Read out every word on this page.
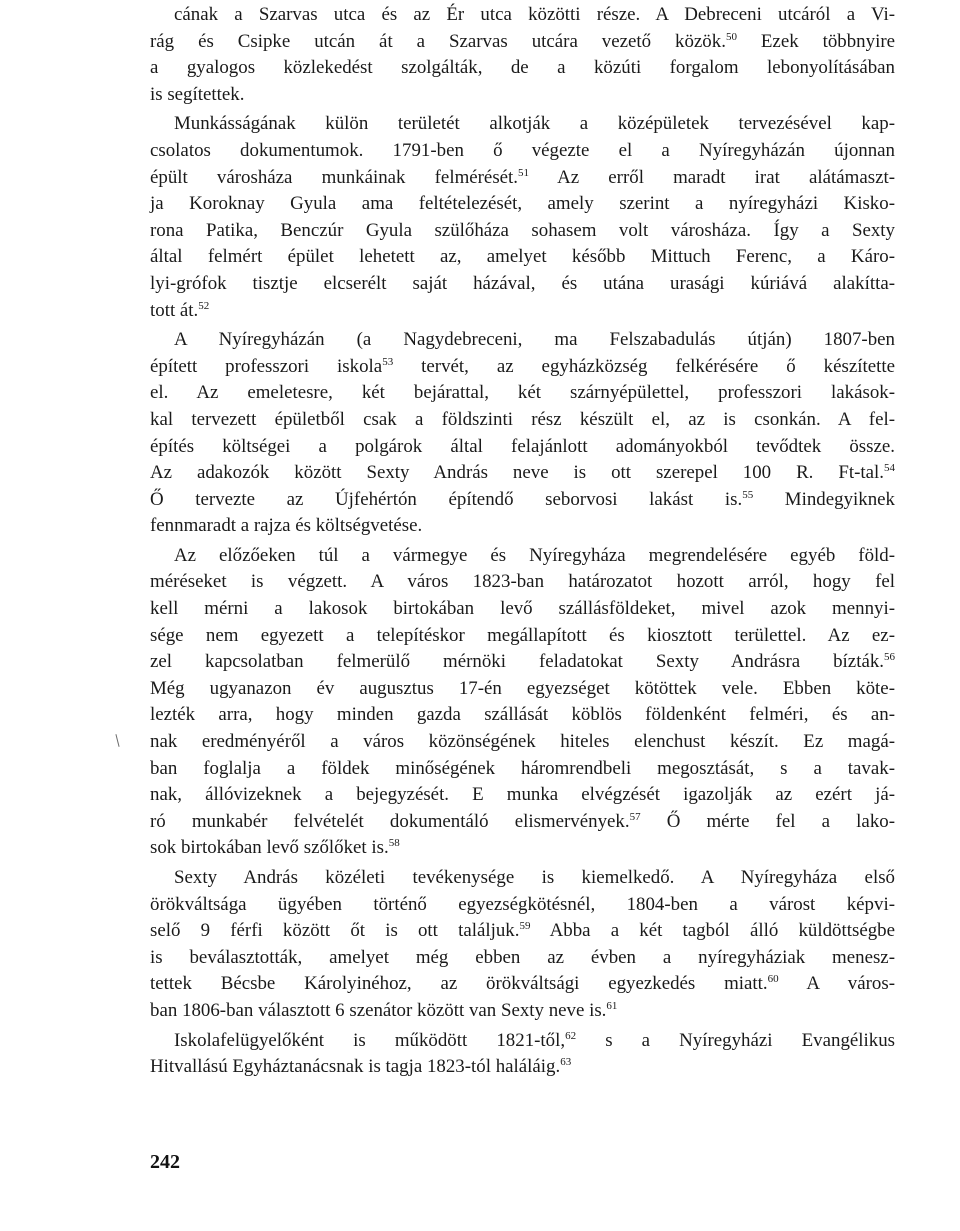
cának a Szarvas utca és az Ér utca közötti része. A Debreceni utcáról a Vi-
rág és Csipke utcán át a Szarvas utcára vezető közök.$^{50}$ Ezek többnyire
a gyalogos közlekedést szolgálták, de a közúti forgalom lebonyolításában
is segítettek.
Munkásságának külön területét alkotják a középületek tervezésével kap-
csolatos dokumentumok. 1791-ben ő végezte el a Nyíregyházán újonnan
épült városháza munkáinak felmérését.$^{51}$ Az erről maradt irat alátámaszt-
ja Koroknay Gyula ama feltételezését, amely szerint a nyíregyházi Kisko-
rona Patika, Benczúr Gyula szülőháza sohasem volt városháza. Így a Sexty
által felmért épület lehetett az, amelyet később Mittuch Ferenc, a Káro-
lyi-grófok tisztje elcserélt saját házával, és utána urasági kúriává alakítta-
tott át.$^{52}$
A Nyíregyházán (a Nagydebreceni, ma Felszabadulás útján) 1807-ben
épített professzori iskola$^{53}$ tervét, az egyházközség felkérésére ő készítette
el. Az emeletesre, két bejárattal, két szárnyépülettel, professzori lakások-
kal tervezett épületből csak a földszinti rész készült el, az is csonkán. A fel-
építés költségei a polgárok által felajánlott adományokból tevődtek össze.
Az adakozók között Sexty András neve is ott szerepel 100 R. Ft-tal.$^{54}$
Ő tervezte az Újfehértón építendő seborvosi lakást is.$^{55}$ Mindegyiknek
fennmaradt a rajza és költségvetése.
Az előzőeken túl a vármegye és Nyíregyháza megrendelésére egyéb föld-
méréseket is végzett. A város 1823-ban határozatot hozott arról, hogy fel
kell mérni a lakosok birtokában levő szállásföldeket, mivel azok mennyi-
sége nem egyezett a telepítéskor megállapított és kiosztott területtel. Az ez-
zel kapcsolatban felmerülő mérnöki feladatokat Sexty Andrásra bízták.$^{56}$
Még ugyanazon év augusztus 17-én egyezséget kötöttek vele. Ebben köte-
lezték arra, hogy minden gazda szállását köblös földenként felméri, és an-
nak eredményéről a város közönségének hiteles elenchust készít. Ez magá-
ban foglalja a földek minőségének háromrendbeli megosztását, s a tavak-
nak, állóvizeknek a bejegyzését. E munka elvégzését igazolják az ezért já-
ró munkabér felvételét dokumentáló elismervények.$^{57}$ Ő mérte fel a lako-
sok birtokában levő szőlőket is.$^{58}$
Sexty András közéleti tevékenysége is kiemelkedő. A Nyíregyháza első
örökváltsága ügyében történő egyezségkötésnél, 1804-ben a várost képvi-
selő 9 férfi között őt is ott találjuk.$^{59}$ Abba a két tagból álló küldöttségbe
is beválasztották, amelyet még ebben az évben a nyíregyháziak menesz-
tettek Bécsbe Károlyinéhoz, az örökváltsági egyezkedés miatt.$^{60}$ A város-
ban 1806-ban választott 6 szenátor között van Sexty neve is.$^{61}$
Iskolafelügyelőként is működött 1821-től,$^{62}$ s a Nyíregyházi Evangélikus
Hitvallású Egyháztanácsnak is tagja 1823-tól haláláig.$^{63}$
242
